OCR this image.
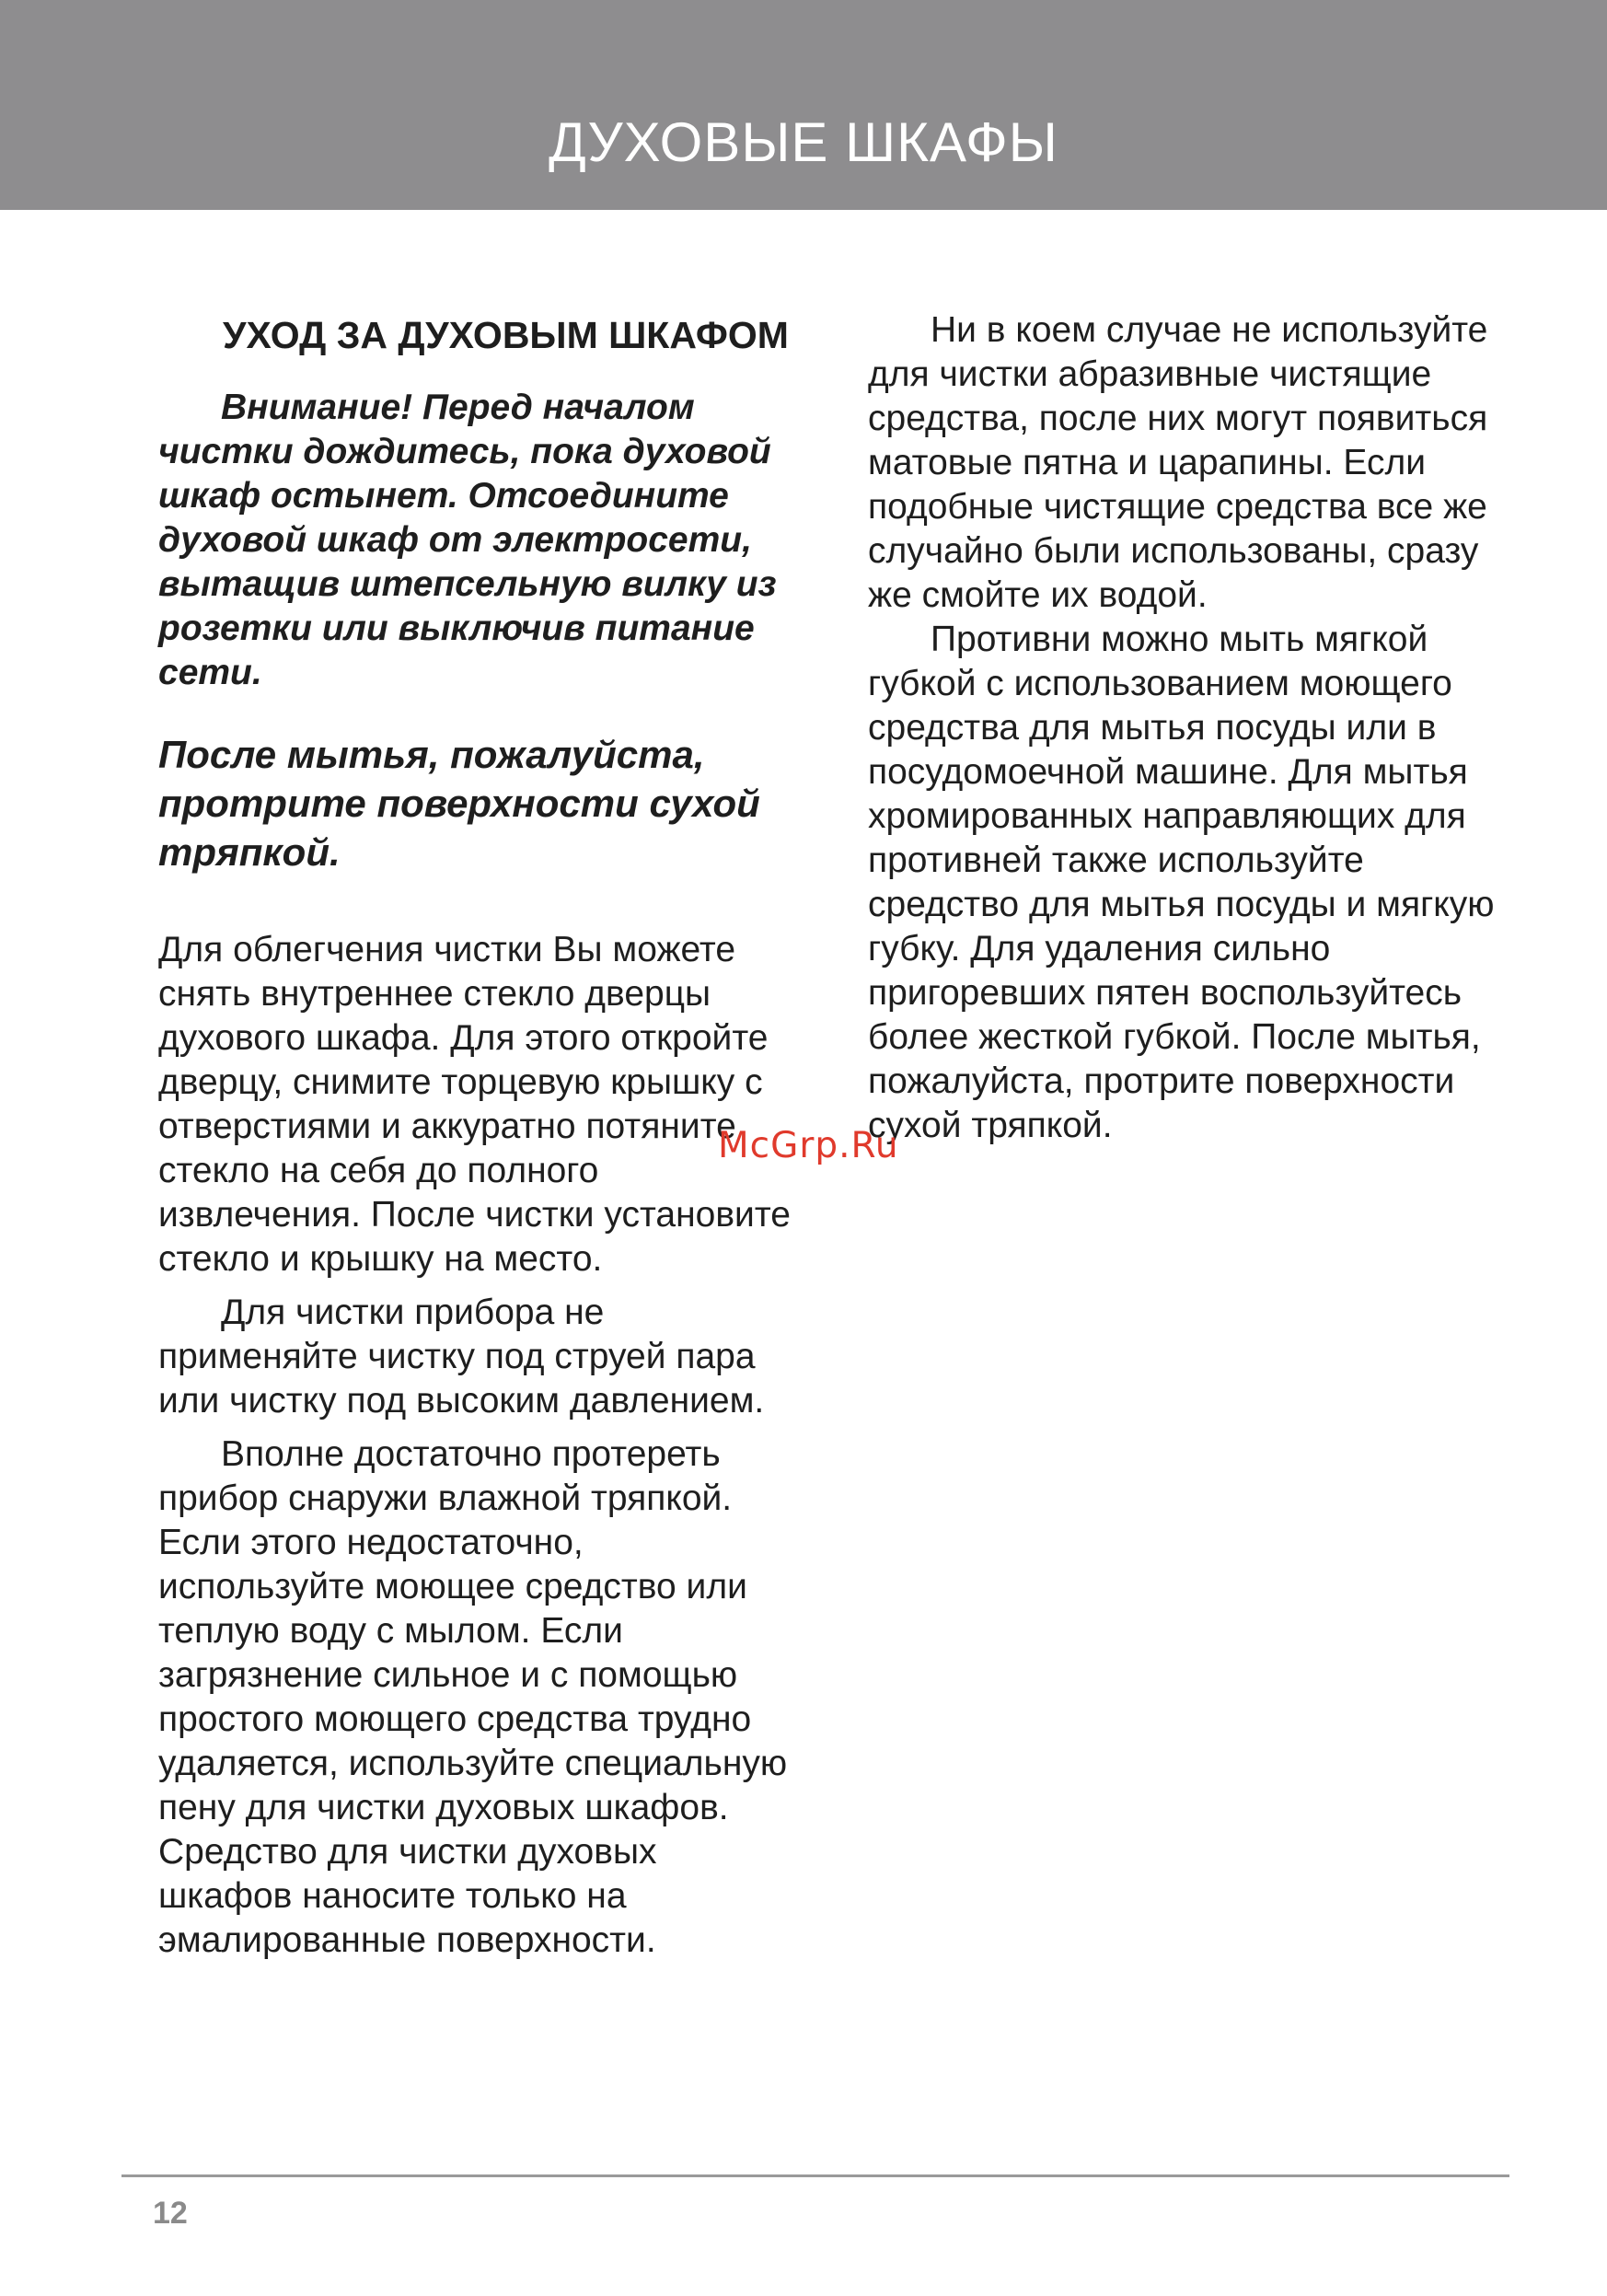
ДУХОВЫЕ ШКАФЫ
УХОД ЗА ДУХОВЫМ ШКАФОМ

Внимание! Перед началом чистки дождитесь, пока духовой шкаф остынет. Отсоедините духовой шкаф от электросети, вытащив штепсельную вилку из розетки или выключив питание сети.

После мытья, пожалуйста, протрите поверхности сухой тряпкой.

Для облегчения чистки Вы можете снять внутреннее стекло дверцы духового шкафа. Для этого откройте дверцу, снимите торцевую крышку с отверстиями и аккуратно потяните стекло на себя до полного извлечения. После чистки установите стекло и крышку на место.

Для чистки прибора не применяйте чистку под струей пара или чистку под высоким давлением.

Вполне достаточно протереть прибор снаружи влажной тряпкой. Если этого недостаточно, используйте моющее средство или теплую воду с мылом. Если загрязнение сильное и с помощью простого моющего средства трудно удаляется, используйте специальную пену для чистки духовых шкафов. Средство для чистки духовых шкафов наносите только на эмалированные поверхности.

Ни в коем случае не используйте для чистки абразивные чистящие средства, после них могут появиться матовые пятна и царапины. Если подобные чистящие средства все же случайно были использованы, сразу же смойте их водой.

Противни можно мыть мягкой губкой с использованием моющего средства для мытья посуды или в посудомоечной машине. Для мытья хромированных направляющих для противней также используйте средство для мытья посуды и мягкую губку. Для удаления сильно пригоревших пятен воспользуйтесь более жесткой губкой. После мытья, пожалуйста, протрите поверхности сухой тряпкой.

McGrp.Ru
12
